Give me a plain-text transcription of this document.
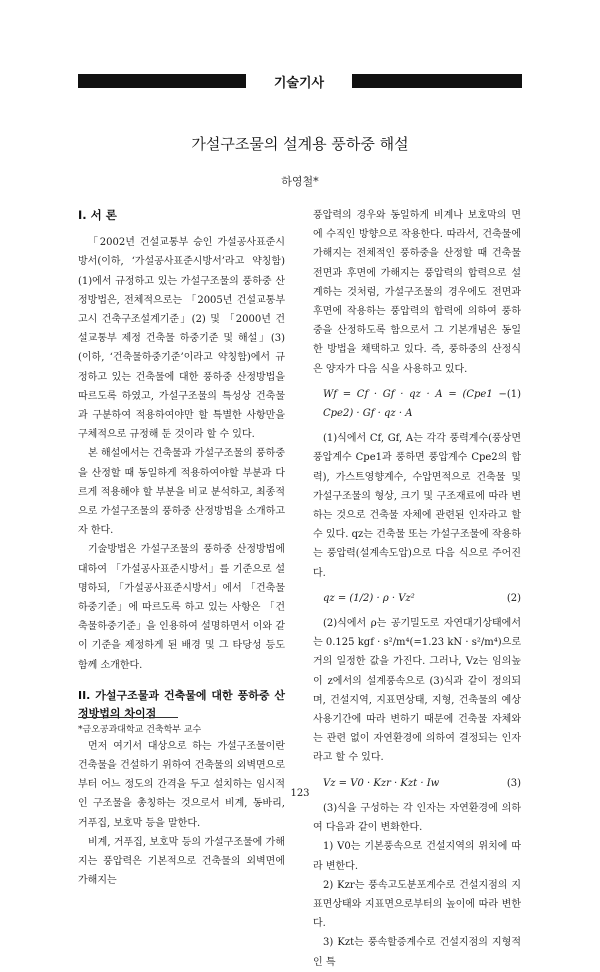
기술기사
가설구조물의 설계용 풍하중 해설
하영철*
I. 서 론

「2002년 건설교통부 승인 가설공사표준시방서(이하, ‘가설공사표준시방서’라고 약칭함) (1)에서 규정하고 있는 가설구조물의 풍하중 산정방법은, 전체적으로는 「2005년 건설교통부고시 건축구조설계기준」(2) 및 「2000년 건설교통부 제정 건축물 하중기준 및 해설」(3)(이하, ‘건축물하중기준’이라고 약칭함)에서 규정하고 있는 건축물에 대한 풍하중 산정방법을 따르도록 하였고, 가설구조물의 특성상 건축물과 구분하여 적용하여야만 할 특별한 사항만을 구체적으로 규정해 둔 것이라 할 수 있다.

본 해설에서는 건축물과 가설구조물의 풍하중을 산정할 때 동일하게 적용하여야할 부분과 다르게 적용해야 할 부분을 비교 분석하고, 최종적으로 가설구조물의 풍하중 산정방법을 소개하고자 한다.

기술방법은 가설구조물의 풍하중 산정방법에 대하여 「가설공사표준시방서」를 기준으로 설명하되, 「가설공사표준시방서」에서 「건축물하중기준」에 따르도록 하고 있는 사항은 「건축물하중기준」을 인용하여 설명하면서 이와 같이 기준을 제정하게 된 배경 및 그 타당성 등도 함께 소개한다.

II. 가설구조물과 건축물에 대한 풍하중 산정방법의 차이점

먼저 여기서 대상으로 하는 가설구조물이란 건축물을 건설하기 위하여 건축물의 외벽면으로부터 어느 정도의 간격을 두고 설치하는 임시적인 구조물을 총칭하는 것으로서 비계, 동바리, 거푸집, 보호막 등을 말한다.

비계, 거푸집, 보호막 등의 가설구조물에 가해지는 풍압력은 기본적으로 건축물의 외벽면에 가해지는

풍압력의 경우와 동일하게 비계나 보호막의 면에 수직인 방향으로 작용한다. 따라서, 건축물에 가해지는 전체적인 풍하중을 산정할 때 건축물 전면과 후면에 가해지는 풍압력의 합력으로 설계하는 것처럼, 가설구조물의 경우에도 전면과 후면에 작용하는 풍압력의 합력에 의하여 풍하중을 산정하도록 함으로서 그 기본개념은 동일한 방법을 채택하고 있다. 즉, 풍하중의 산정식은 양자가 다음 식을 사용하고 있다.

Wf = Cf · Gf · qz · A = (Cpe1 − Cpe2) · Gf · qz · A
(1)

(1)식에서 Cf, Gf, A는 각각 풍력계수(풍상면 풍압계수 Cpe1과 풍하면 풍압계수 Cpe2의 합력), 가스트영향계수, 수압면적으로 건축물 및 가설구조물의 형상, 크기 및 구조재료에 따라 변하는 것으로 건축물 자체에 관련된 인자라고 할 수 있다. qz는 건축물 또는 가설구조물에 작용하는 풍압력(설계속도압)으로 다음 식으로 주어진다.

qz = (1/2) · ρ · Vz²	(2)

(2)식에서 ρ는 공기밀도로 자연대기상태에서는 0.125 kgf · s²/m⁴(=1.23 kN · s²/m⁴)으로 거의 일정한 값을 가진다. 그러나, Vz는 임의높이 z에서의 설계풍속으로 (3)식과 같이 정의되며, 건설지역, 지표면상태, 지형, 건축물의 예상 사용기간에 따라 변하기 때문에 건축물 자체와는 관련 없이 자연환경에 의하여 결정되는 인자라고 할 수 있다.

Vz = V0 · Kzr · Kzt · Iw	(3)

(3)식을 구성하는 각 인자는 자연환경에 의하여 다음과 같이 변화한다.

1) V0는 기본풍속으로 건설지역의 위치에 따라 변한다.

2) Kzr는 풍속고도분포계수로 건설지점의 지표면상태와 지표면으로부터의 높이에 따라 변한다.

3) Kzt는 풍속할증계수로 건설지점의 지형적인 특

*금오공과대학교 건축학부 교수
123
